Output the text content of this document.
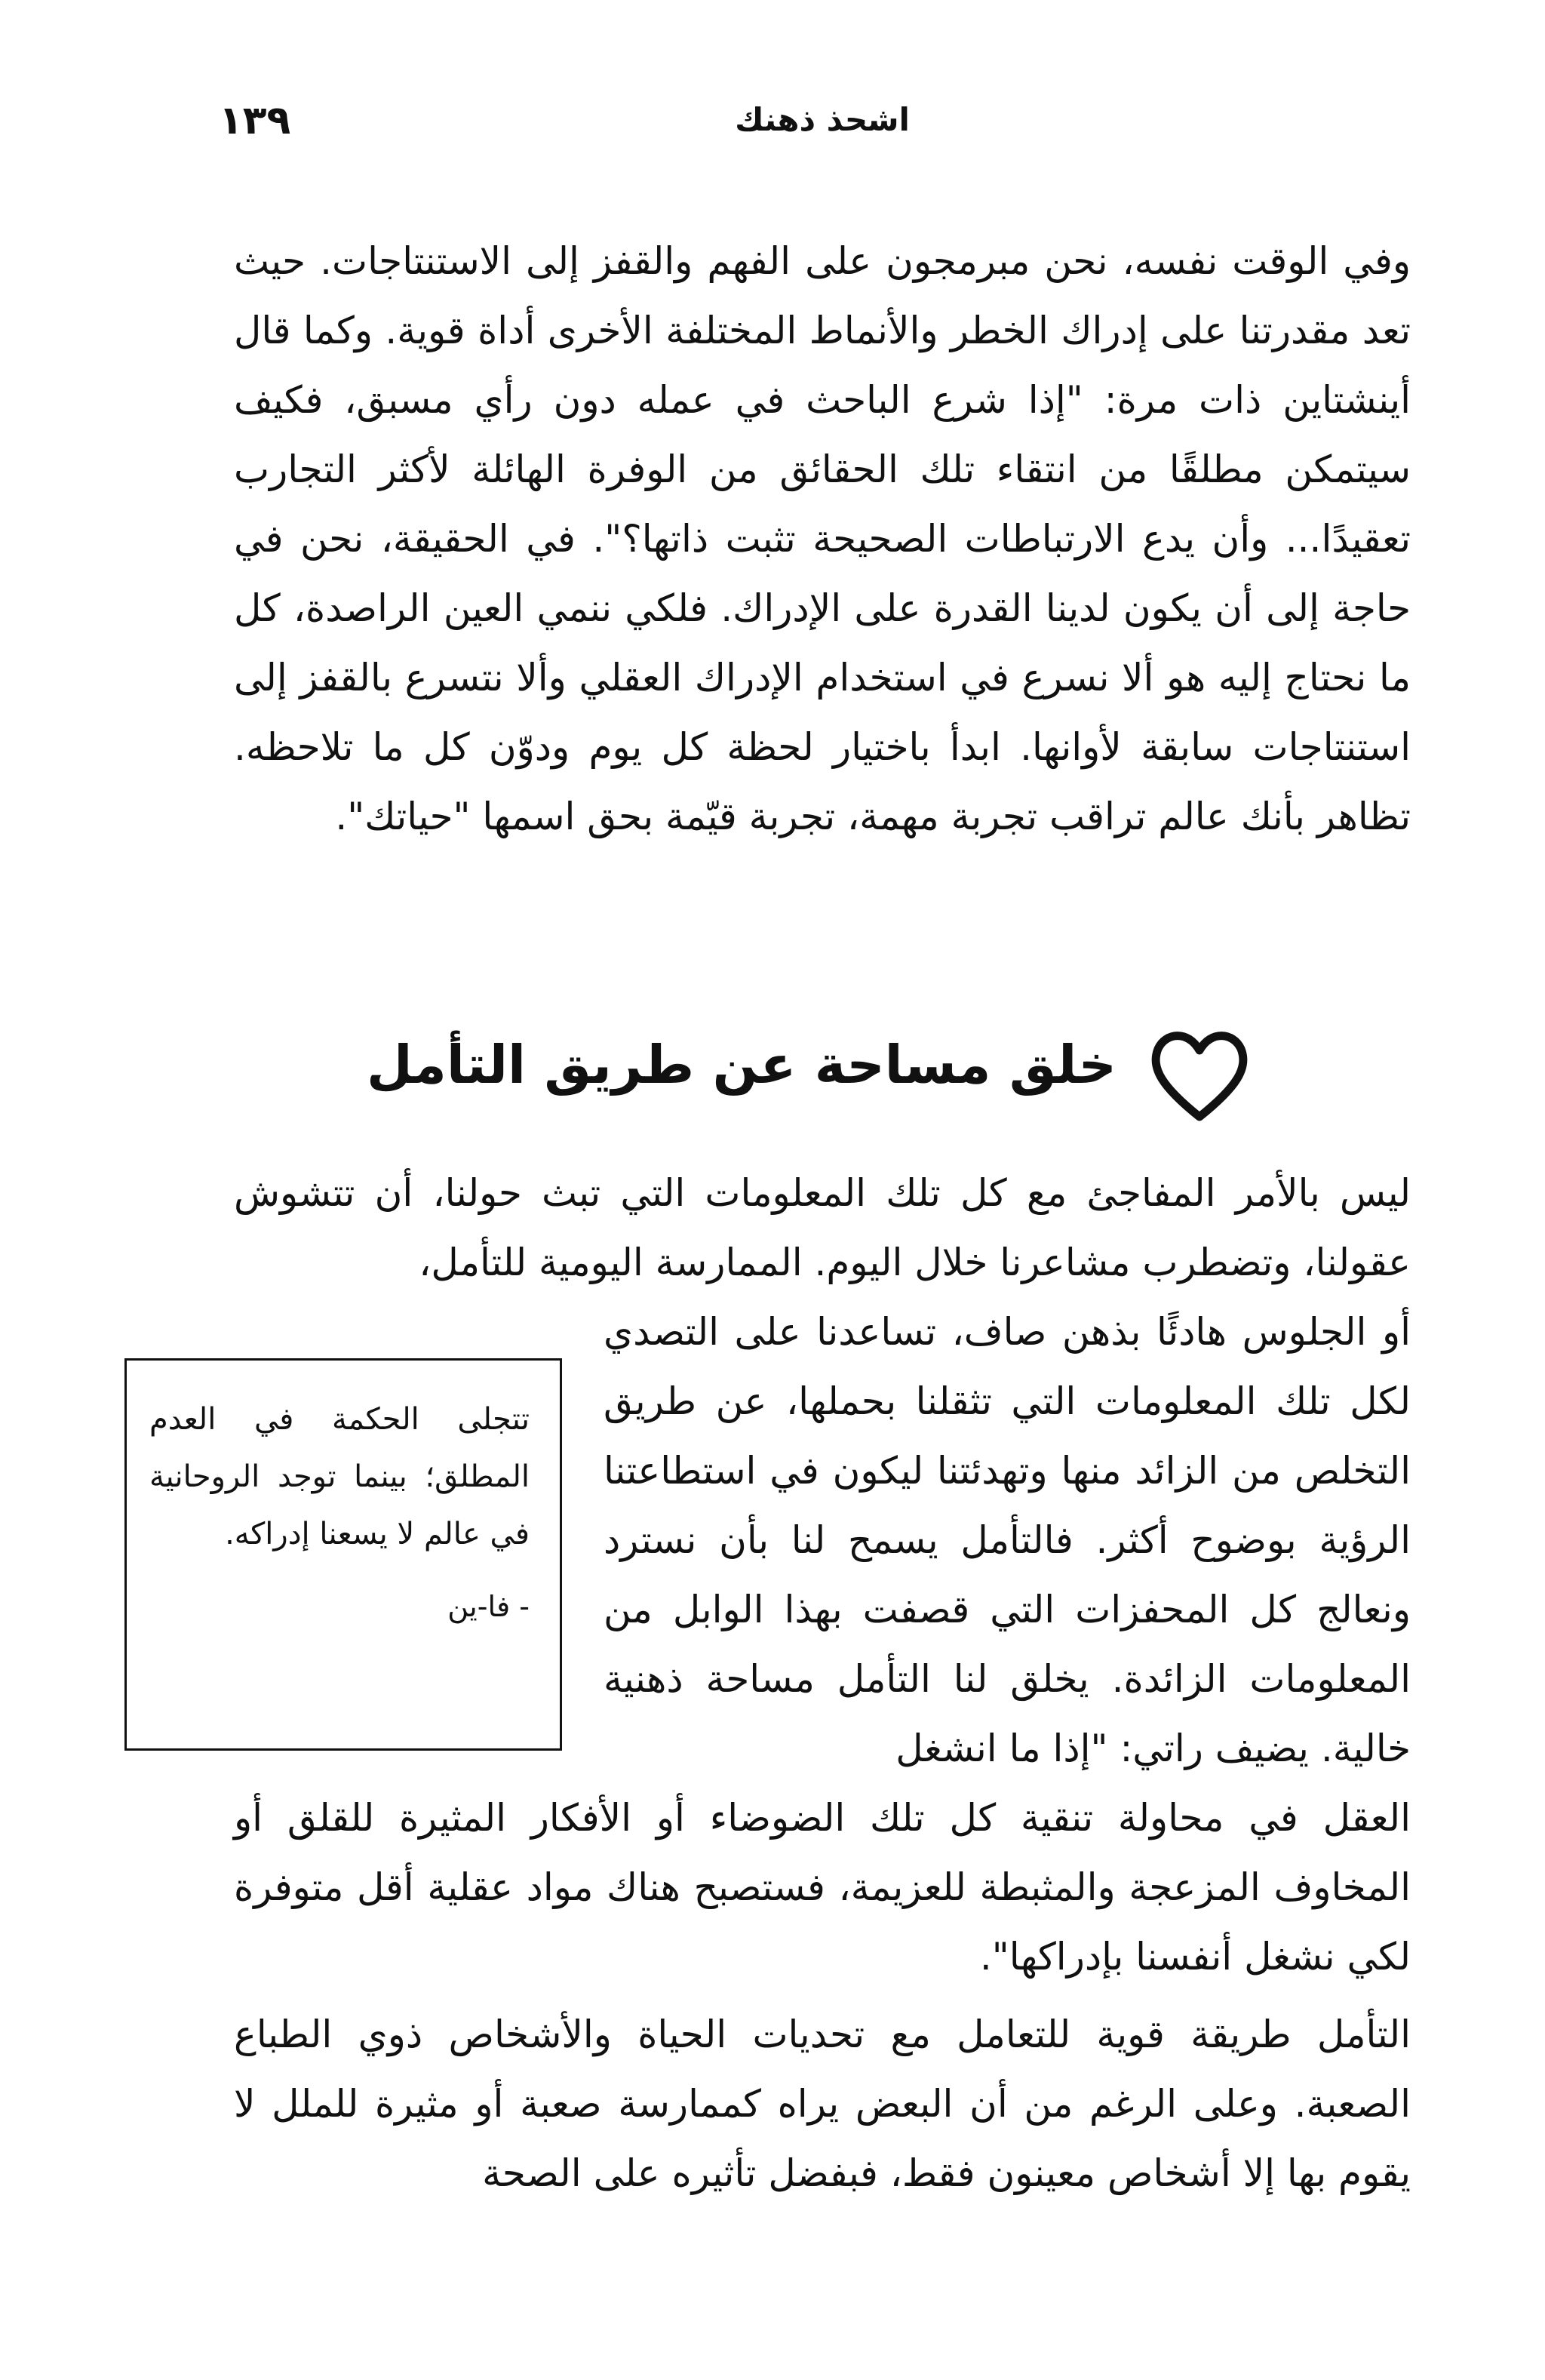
١٣٩	اشحذ ذهنك

وفي الوقت نفسه، نحن مبرمجون على الفهم والقفز إلى الاستنتاجات. حيث تعد مقدرتنا على إدراك الخطر والأنماط المختلفة الأخرى أداة قوية. وكما قال أينشتاين ذات مرة: "إذا شرع الباحث في عمله دون رأي مسبق، فكيف سيتمكن مطلقًا من انتقاء تلك الحقائق من الوفرة الهائلة لأكثر التجارب تعقيدًا... وأن يدع الارتباطات الصحيحة تثبت ذاتها؟". في الحقيقة، نحن في حاجة إلى أن يكون لدينا القدرة على الإدراك. فلكي ننمي العين الراصدة، كل ما نحتاج إليه هو ألا نسرع في استخدام الإدراك العقلي وألا نتسرع بالقفز إلى استنتاجات سابقة لأوانها. ابدأ باختيار لحظة كل يوم ودوّن كل ما تلاحظه. تظاهر بأنك عالم تراقب تجربة مهمة، تجربة قيّمة بحق اسمها "حياتك".

خلق مساحة عن طريق التأمل

ليس بالأمر المفاجئ مع كل تلك المعلومات التي تبث حولنا، أن تتشوش عقولنا، وتضطرب مشاعرنا خلال اليوم. الممارسة اليومية للتأمل،

أو الجلوس هادئًا بذهن صاف، تساعدنا على التصدي لكل تلك المعلومات التي تثقلنا بحملها، عن طريق التخلص من الزائد منها وتهدئتنا ليكون في استطاعتنا الرؤية بوضوح أكثر. فالتأمل يسمح لنا بأن نسترد ونعالج كل المحفزات التي قصفت بهذا الوابل من المعلومات الزائدة. يخلق لنا التأمل مساحة ذهنية خالية. يضيف راتي: "إذا ما انشغل

العقل في محاولة تنقية كل تلك الضوضاء أو الأفكار المثيرة للقلق أو المخاوف المزعجة والمثبطة للعزيمة، فستصبح هناك مواد عقلية أقل متوفرة لكي نشغل أنفسنا بإدراكها".

تتجلى الحكمة في العدم المطلق؛ بينما توجد الروحانية في عالم لا يسعنا إدراكه.

- فا-ين

التأمل طريقة قوية للتعامل مع تحديات الحياة والأشخاص ذوي الطباع الصعبة. وعلى الرغم من أن البعض يراه كممارسة صعبة أو مثيرة للملل لا يقوم بها إلا أشخاص معينون فقط، فبفضل تأثيره على الصحة
